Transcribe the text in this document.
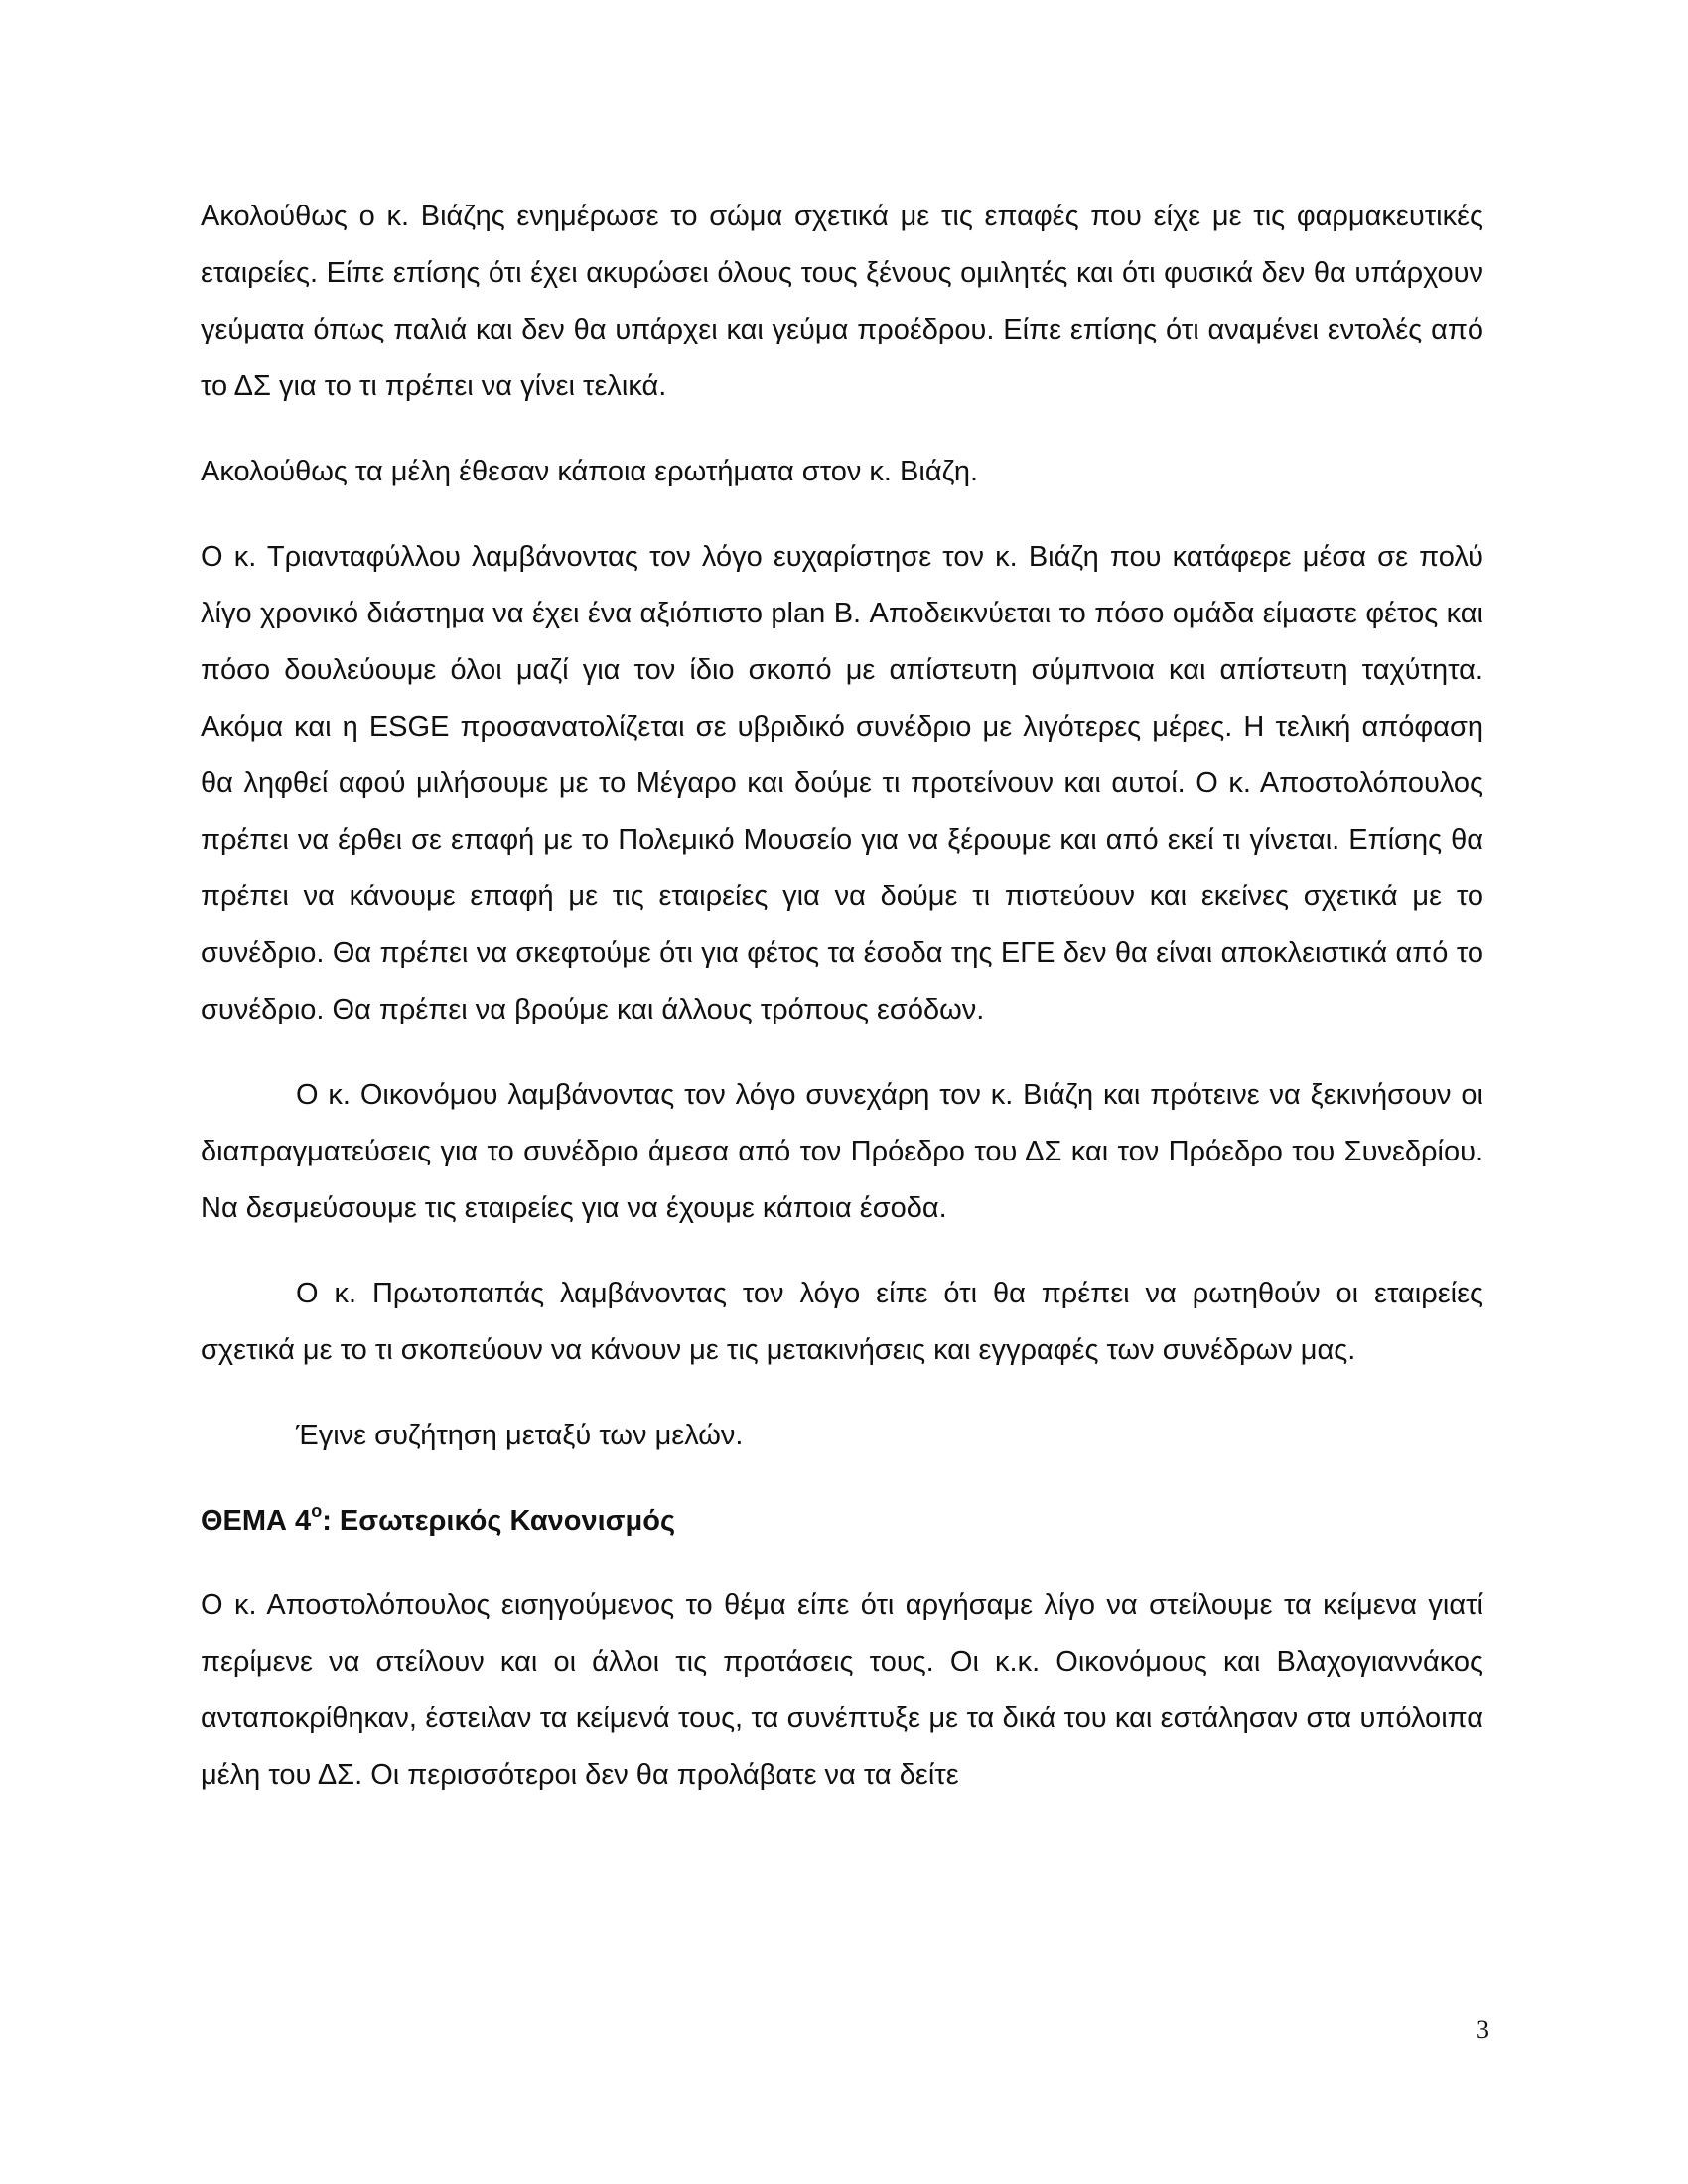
Ακολούθως ο κ. Βιάζης ενημέρωσε το σώμα σχετικά με τις επαφές που είχε με τις φαρμακευτικές εταιρείες. Είπε επίσης ότι έχει ακυρώσει όλους τους ξένους ομιλητές και ότι φυσικά δεν θα υπάρχουν γεύματα όπως παλιά και δεν θα υπάρχει και γεύμα προέδρου. Είπε επίσης ότι αναμένει εντολές από το ΔΣ για το τι πρέπει να γίνει τελικά.

Ακολούθως τα μέλη έθεσαν κάποια ερωτήματα στον κ. Βιάζη.

Ο κ. Τριανταφύλλου λαμβάνοντας τον λόγο ευχαρίστησε τον κ. Βιάζη που κατάφερε μέσα σε πολύ λίγο χρονικό διάστημα να έχει ένα αξιόπιστο plan B. Αποδεικνύεται το πόσο ομάδα είμαστε φέτος και πόσο δουλεύουμε όλοι μαζί για τον ίδιο σκοπό με απίστευτη σύμπνοια και απίστευτη ταχύτητα. Ακόμα και η ESGE προσανατολίζεται σε υβριδικό συνέδριο με λιγότερες μέρες. Η τελική απόφαση θα ληφθεί αφού μιλήσουμε με το Μέγαρο και δούμε τι προτείνουν και αυτοί. Ο κ. Αποστολόπουλος πρέπει να έρθει σε επαφή με το Πολεμικό Μουσείο για να ξέρουμε και από εκεί τι γίνεται. Επίσης θα πρέπει να κάνουμε επαφή με τις εταιρείες για να δούμε τι πιστεύουν και εκείνες σχετικά με το συνέδριο. Θα πρέπει να σκεφτούμε ότι για φέτος τα έσοδα της ΕΓΕ δεν θα είναι αποκλειστικά από το συνέδριο. Θα πρέπει να βρούμε και άλλους τρόπους εσόδων.

Ο κ. Οικονόμου λαμβάνοντας τον λόγο συνεχάρη τον κ. Βιάζη και πρότεινε να ξεκινήσουν οι διαπραγματεύσεις για το συνέδριο άμεσα από τον Πρόεδρο του ΔΣ και τον Πρόεδρο του Συνεδρίου. Να δεσμεύσουμε τις εταιρείες για να έχουμε κάποια έσοδα.

Ο κ. Πρωτοπαπάς λαμβάνοντας τον λόγο είπε ότι θα πρέπει να ρωτηθούν οι εταιρείες σχετικά με το τι σκοπεύουν να κάνουν με τις μετακινήσεις και εγγραφές των συνέδρων μας.

Έγινε συζήτηση μεταξύ των μελών.

ΘΕΜΑ $4^o$: Εσωτερικός Κανονισμός

Ο κ. Αποστολόπουλος εισηγούμενος το θέμα είπε ότι αργήσαμε λίγο να στείλουμε τα κείμενα γιατί περίμενε να στείλουν και οι άλλοι τις προτάσεις τους. Οι κ.κ. Οικονόμους και Βλαχογιαννάκος ανταποκρίθηκαν, έστειλαν τα κείμενά τους, τα συνέπτυξε με τα δικά του και εστάλησαν στα υπόλοιπα μέλη του ΔΣ. Οι περισσότεροι δεν θα προλάβατε να τα δείτε

3
